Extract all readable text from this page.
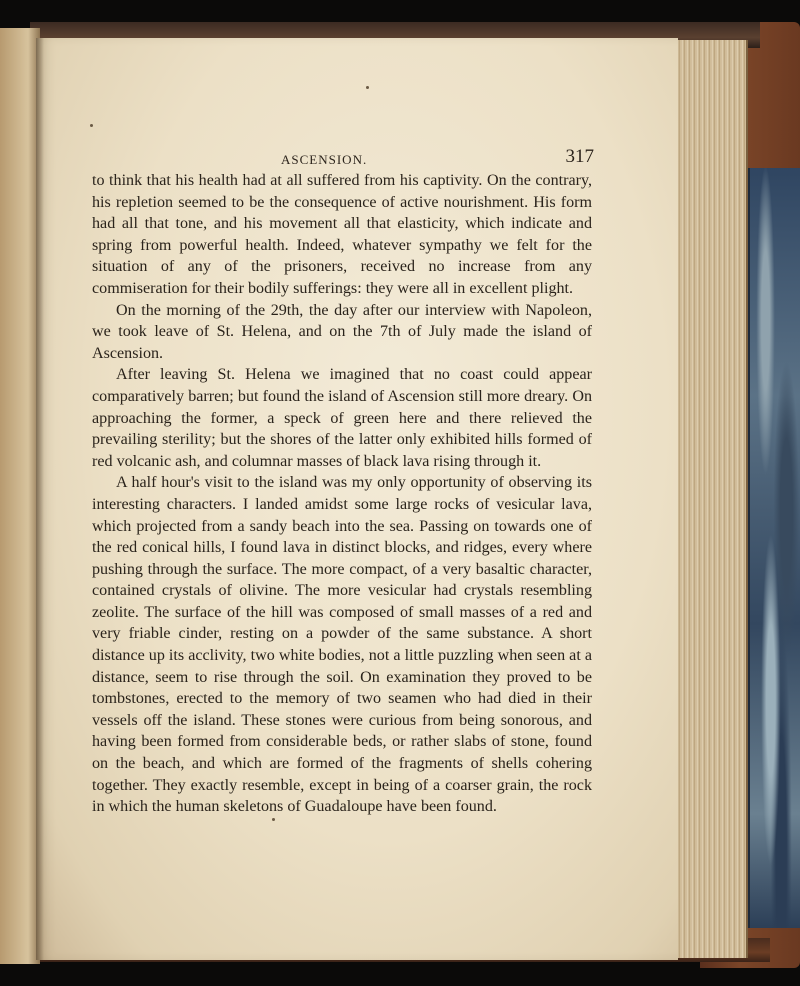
ASCENSION.	317

to think that his health had at all suffered from his captivity. On the contrary, his repletion seemed to be the consequence of active nourishment. His form had all that tone, and his movement all that elasticity, which indicate and spring from powerful health. Indeed, whatever sympathy we felt for the situation of any of the prisoners, received no increase from any commiseration for their bodily sufferings: they were all in excellent plight.

On the morning of the 29th, the day after our interview with Napoleon, we took leave of St. Helena, and on the 7th of July made the island of Ascension.

After leaving St. Helena we imagined that no coast could appear comparatively barren; but found the island of Ascension still more dreary. On approaching the former, a speck of green here and there relieved the prevailing sterility; but the shores of the latter only exhibited hills formed of red volcanic ash, and columnar masses of black lava rising through it.

A half hour's visit to the island was my only opportunity of observing its interesting characters. I landed amidst some large rocks of vesicular lava, which projected from a sandy beach into the sea. Passing on towards one of the red conical hills, I found lava in distinct blocks, and ridges, every where pushing through the surface. The more compact, of a very basaltic character, contained crystals of olivine. The more vesicular had crystals resembling zeolite. The surface of the hill was composed of small masses of a red and very friable cinder, resting on a powder of the same substance. A short distance up its acclivity, two white bodies, not a little puzzling when seen at a distance, seem to rise through the soil. On examination they proved to be tombstones, erected to the memory of two seamen who had died in their vessels off the island. These stones were curious from being sonorous, and having been formed from considerable beds, or rather slabs of stone, found on the beach, and which are formed of the fragments of shells cohering together. They exactly resemble, except in being of a coarser grain, the rock in which the human skeletons of Guadaloupe have been found.
